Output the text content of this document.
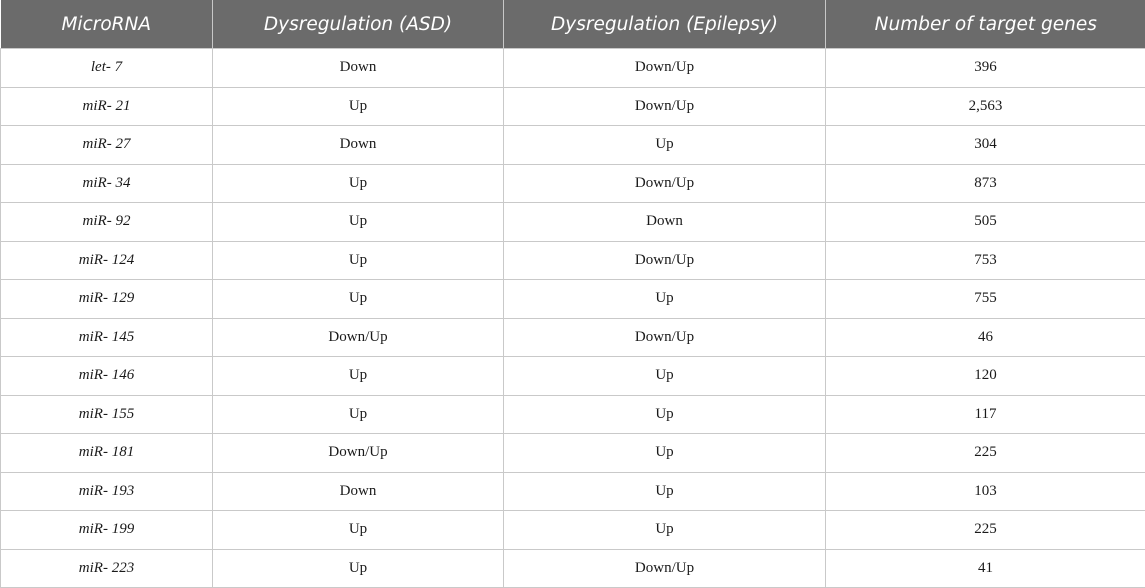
MicroRNA	Dysregulation (ASD)	Dysregulation (Epilepsy)	Number of target genes
let- 7	Down	Down/Up	396
miR- 21	Up	Down/Up	2,563
miR- 27	Down	Up	304
miR- 34	Up	Down/Up	873
miR- 92	Up	Down	505
miR- 124	Up	Down/Up	753
miR- 129	Up	Up	755
miR- 145	Down/Up	Down/Up	46
miR- 146	Up	Up	120
miR- 155	Up	Up	117
miR- 181	Down/Up	Up	225
miR- 193	Down	Up	103
miR- 199	Up	Up	225
miR- 223	Up	Down/Up	41
